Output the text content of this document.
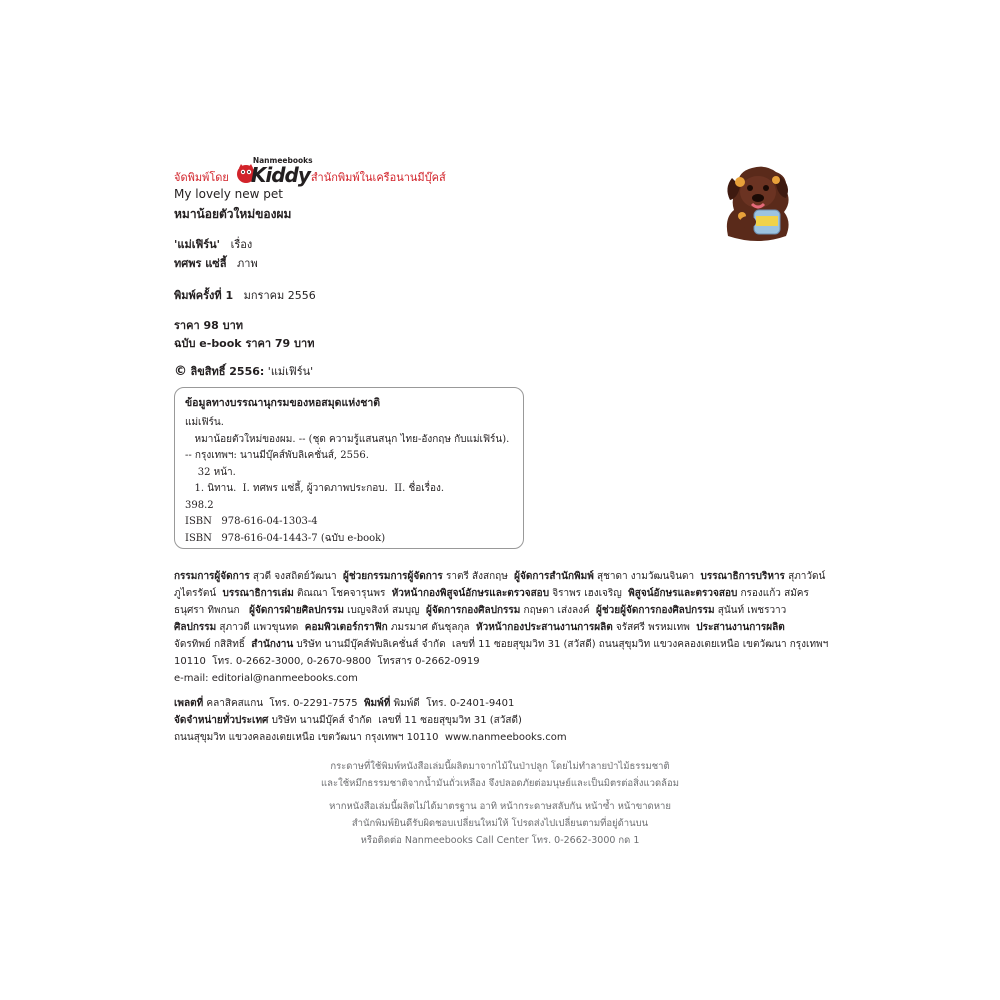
จัดพิมพ์โดย
Nanmeebooks
Kiddy สำนักพิมพ์ในเครือนานมีบุ๊คส์
My lovely new pet
หมาน้อยตัวใหม่ของผม
'แม่เฟิร์น' เรื่อง
ทศพร แซ่ลี้ ภาพ
พิมพ์ครั้งที่ 1 มกราคม 2556
ราคา 98 บาท
ฉบับ e-book ราคา 79 บาท
© ลิขสิทธิ์ 2556: 'แม่เฟิร์น'
ข้อมูลทางบรรณานุกรมของหอสมุดแห่งชาติ
แม่เฟิร์น.
หมาน้อยตัวใหม่ของผม. -- (ชุด ความรู้แสนสนุก ไทย-อังกฤษ กับแม่เฟิร์น).
-- กรุงเทพฯ: นานมีบุ๊คส์พับลิเคชั่นส์, 2556.
32 หน้า.
1. นิทาน.  I. ทศพร แซ่ลี้, ผู้วาดภาพประกอบ.  II. ชื่อเรื่อง.
398.2
ISBN   978-616-04-1303-4
ISBN   978-616-04-1443-7 (ฉบับ e-book)

กรรมการผู้จัดการ สุวดี จงสถิตย์วัฒนา  ผู้ช่วยกรรมการผู้จัดการ ราตรี สังสกฤษ  ผู้จัดการสำนักพิมพ์ สุชาดา งามวัฒนจินดา  บรรณาธิการบริหาร สุภาวัดน์

ภูไตรรัตน์  บรรณาธิการเล่ม ติณณา โชคจารุนพร  หัวหน้ากองพิสูจน์อักษรและตรวจสอบ จิราพร เฮงเจริญ  พิสูจน์อักษรและตรวจสอบ กรองแก้ว สมัคร

ธนุศรา ทิพกนก   ผู้จัดการฝ่ายศิลปกรรม เบญจสิงห์ สมบุญ  ผู้จัดการกองศิลปกรรม กฤษดา เส่งลงค์  ผู้ช่วยผู้จัดการกองศิลปกรรม สุนันท์ เพชรวาว

ศิลปกรรม สุภาวดี แพวขุนทด  คอมพิวเตอร์กราฟิก ภมรมาศ ตันชุลกุล  หัวหน้ากองประสานงานการผลิต จรัสศรี พรหมเทพ  ประสานงานการผลิต

จัดรทิพย์ กสิสิทธิ์  สำนักงาน บริษัท นานมีบุ๊คส์พับลิเคชั่นส์ จำกัด  เลขที่ 11 ซอยสุขุมวิท 31 (สวัสดี) ถนนสุขุมวิท แขวงคลองเตยเหนือ เขตวัฒนา กรุงเทพฯ

10110  โทร. 0-2662-3000, 0-2670-9800  โทรสาร 0-2662-0919

e-mail: editorial@nanmeebooks.com

เพลตที่ คลาสิคสแกน  โทร. 0-2291-7575  พิมพ์ที่ พิมพ์ดี  โทร. 0-2401-9401

จัดจำหน่ายทั่วประเทศ บริษัท นานมีบุ๊คส์ จำกัด  เลขที่ 11 ซอยสุขุมวิท 31 (สวัสดี)

ถนนสุขุมวิท แขวงคลองเตยเหนือ เขตวัฒนา กรุงเทพฯ 10110  www.nanmeebooks.com

กระดาษที่ใช้พิมพ์หนังสือเล่มนี้ผลิตมาจากไม้ในป่าปลูก โดยไม่ทำลายป่าไม้ธรรมชาติ

และใช้หมึกธรรมชาติจากน้ำมันถั่วเหลือง จึงปลอดภัยต่อมนุษย์และเป็นมิตรต่อสิ่งแวดล้อม

หากหนังสือเล่มนี้ผลิตไม่ได้มาตรฐาน อาทิ หน้ากระดาษสลับกัน หน้าซ้ำ หน้าขาดหาย

สำนักพิมพ์ยินดีรับผิดชอบเปลี่ยนใหม่ให้ โปรดส่งไปเปลี่ยนตามที่อยู่ด้านบน

หรือติดต่อ Nanmeebooks Call Center โทร. 0-2662-3000 กด 1
